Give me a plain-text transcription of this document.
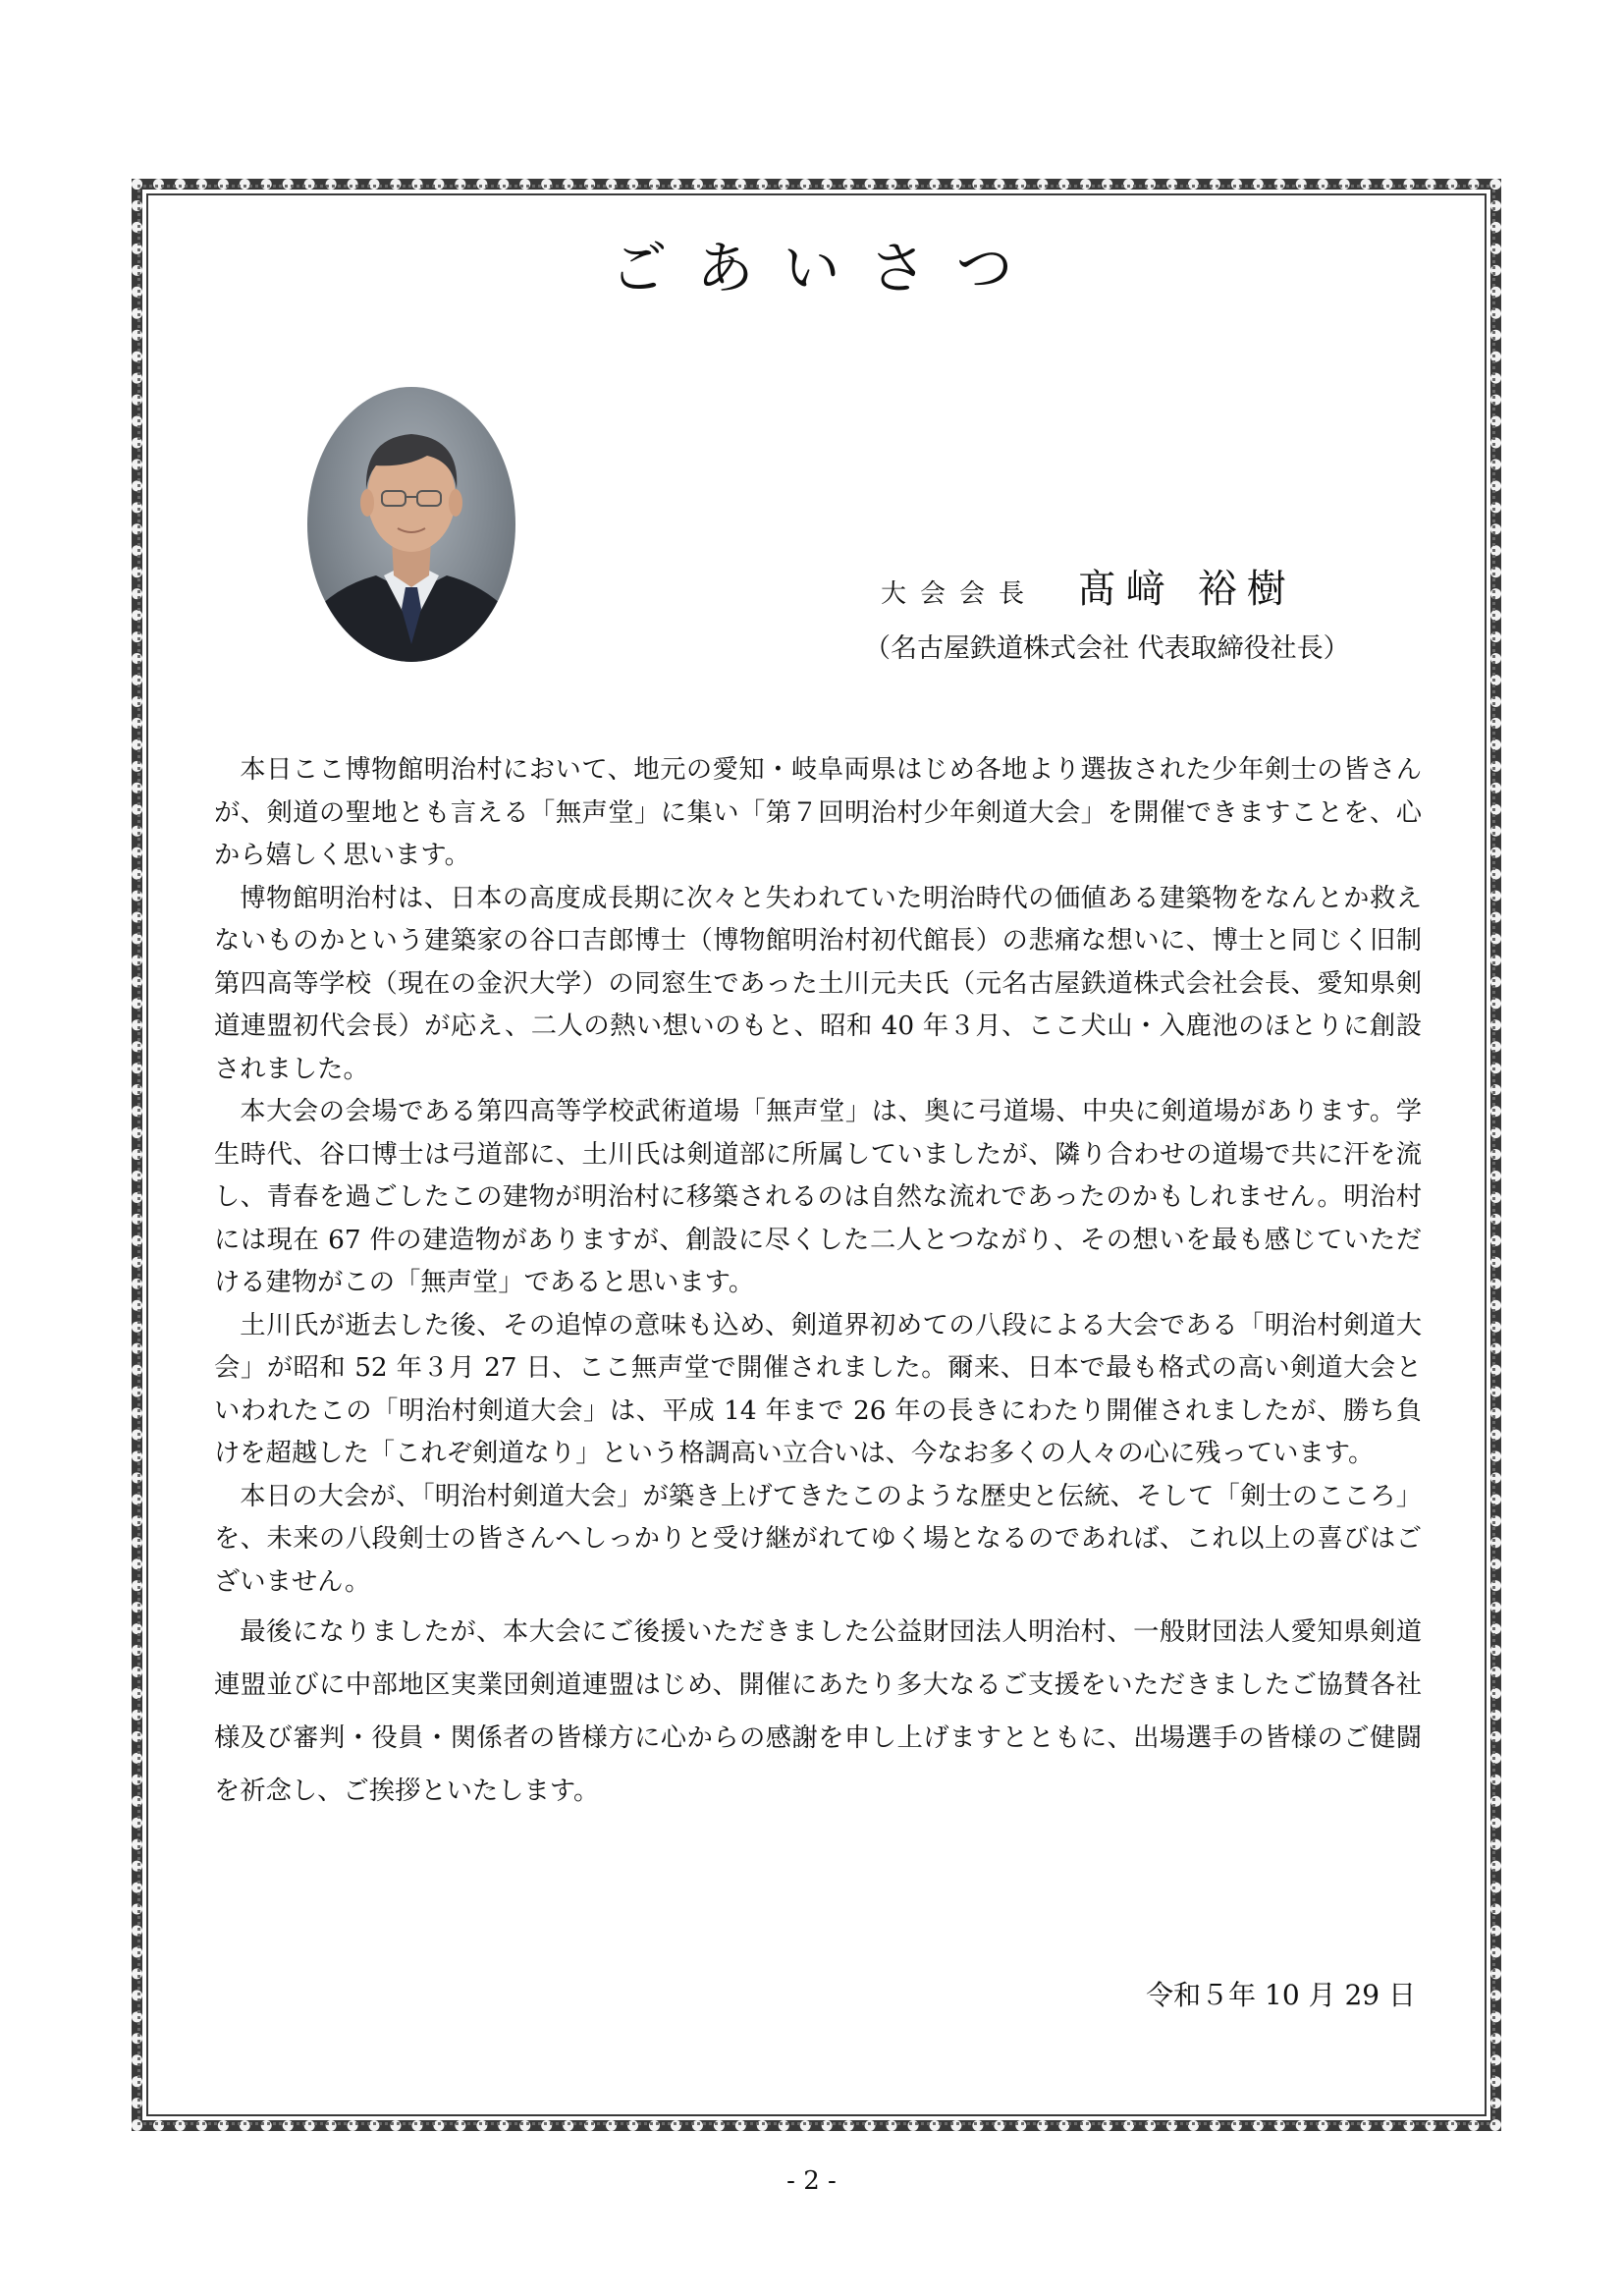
ごあいさつ
大会会長 髙﨑 裕樹
（名古屋鉄道株式会社 代表取締役社長）

本日ここ博物館明治村において、地元の愛知・岐阜両県はじめ各地より選抜された少年剣士の皆さんが、剣道の聖地とも言える「無声堂」に集い「第７回明治村少年剣道大会」を開催できますことを、心から嬉しく思います。

博物館明治村は、日本の高度成長期に次々と失われていた明治時代の価値ある建築物をなんとか救えないものかという建築家の谷口吉郎博士（博物館明治村初代館長）の悲痛な想いに、博士と同じく旧制第四高等学校（現在の金沢大学）の同窓生であった土川元夫氏（元名古屋鉄道株式会社会長、愛知県剣道連盟初代会長）が応え、二人の熱い想いのもと、昭和 40 年３月、ここ犬山・入鹿池のほとりに創設されました。

本大会の会場である第四高等学校武術道場「無声堂」は、奥に弓道場、中央に剣道場があります。学生時代、谷口博士は弓道部に、土川氏は剣道部に所属していましたが、隣り合わせの道場で共に汗を流し、青春を過ごしたこの建物が明治村に移築されるのは自然な流れであったのかもしれません。明治村には現在 67 件の建造物がありますが、創設に尽くした二人とつながり、その想いを最も感じていただける建物がこの「無声堂」であると思います。

土川氏が逝去した後、その追悼の意味も込め、剣道界初めての八段による大会である「明治村剣道大会」が昭和 52 年３月 27 日、ここ無声堂で開催されました。爾来、日本で最も格式の高い剣道大会といわれたこの「明治村剣道大会」は、平成 14 年まで 26 年の長きにわたり開催されましたが、勝ち負けを超越した「これぞ剣道なり」という格調高い立合いは、今なお多くの人々の心に残っています。

本日の大会が、「明治村剣道大会」が築き上げてきたこのような歴史と伝統、そして「剣士のこころ」を、未来の八段剣士の皆さんへしっかりと受け継がれてゆく場となるのであれば、これ以上の喜びはございません。

最後になりましたが、本大会にご後援いただきました公益財団法人明治村、一般財団法人愛知県剣道連盟並びに中部地区実業団剣道連盟はじめ、開催にあたり多大なるご支援をいただきましたご協賛各社様及び審判・役員・関係者の皆様方に心からの感謝を申し上げますとともに、出場選手の皆様のご健闘を祈念し、ご挨拶といたします。

令和５年 10 月 29 日
- 2 -
